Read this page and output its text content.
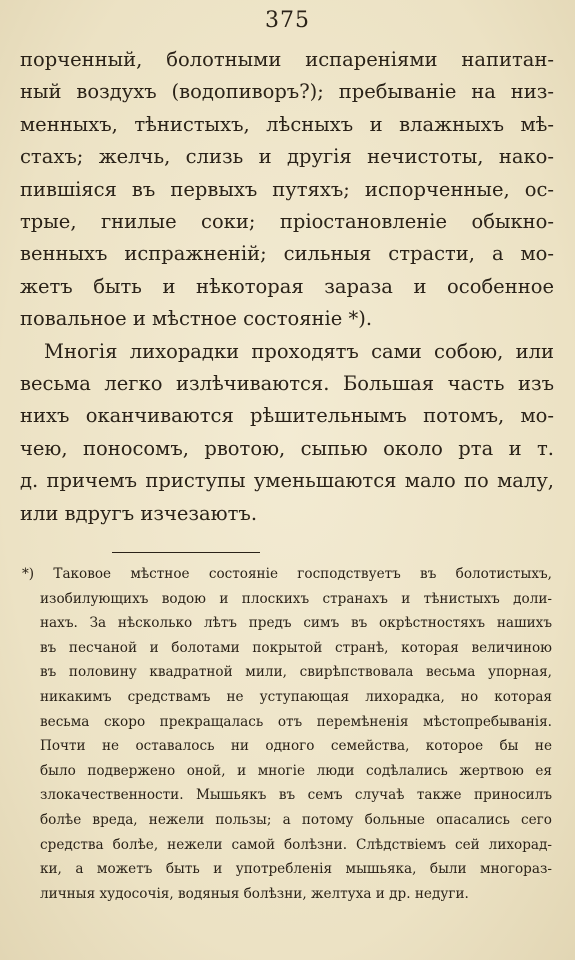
375
порченный, болотными испареніями напитан-
ный воздухъ (водопиворъ?); пребываніе на низ-
менныхъ, тѣнистыхъ, лѣсныхъ и влажныхъ мѣ-
стахъ; желчь, слизь и другія нечистоты, нако-
пившіяся въ первыхъ путяхъ; испорченные, ос-
трые, гнилые соки; пріостановленіе обыкно-
венныхъ испражненій; сильныя страсти, а мо-
жетъ быть и нѣкоторая зараза и особенное
повальное и мѣстное состояніе *).
Многія лихорадки проходятъ сами собою, или
весьма легко излѣчиваются. Большая часть изъ
нихъ оканчиваются рѣшительнымъ потомъ, мо-
чею, поносомъ, рвотою, сыпью около рта и т.
д. причемъ приступы уменьшаются мало по малу,
или вдругъ изчезаютъ.
*) Таковое мѣстное состояніе господствуетъ въ болотистыхъ,
изобилующихъ водою и плоскихъ странахъ и тѣнистыхъ доли-
нахъ. За нѣсколько лѣтъ предъ симъ въ окрѣстностяхъ нашихъ
въ песчаной и болотами покрытой странѣ, которая величиною
въ половину квадратной мили, свирѣпствовала весьма упорная,
никакимъ средствамъ не уступающая лихорадка, но которая
весьма скоро прекращалась отъ перемѣненія мѣстопребыванія.
Почти не оставалось ни одного семейства, которое бы не
было подвержено оной, и многіе люди содѣлались жертвою ея
злокачественности. Мышьякъ въ семъ случаѣ также приносилъ
болѣе вреда, нежели пользы; а потому больные опасались сего
средства болѣе, нежели самой болѣзни. Слѣдствіемъ сей лихорад-
ки, а можетъ быть и употребленія мышьяка, были многораз-
личныя худосочія, водяныя болѣзни, желтуха и др. недуги.
